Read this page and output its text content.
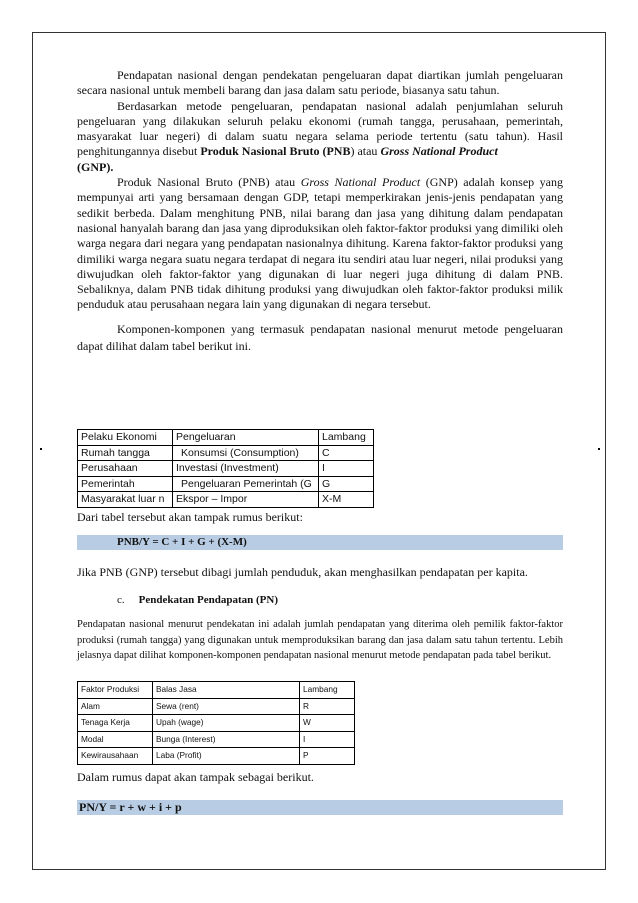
Pendapatan nasional dengan pendekatan pengeluaran dapat diartikan jumlah pengeluaran secara nasional untuk membeli barang dan jasa dalam satu periode, biasanya satu tahun.

Berdasarkan metode pengeluaran, pendapatan nasional adalah penjumlahan seluruh pengeluaran yang dilakukan seluruh pelaku ekonomi (rumah tangga, perusahaan, pemerintah, masyarakat luar negeri) di dalam suatu negara selama periode tertentu (satu tahun). Hasil penghitungannya disebut Produk Nasional Bruto (PNB) atau Gross National Product
(GNP).

Produk Nasional Bruto (PNB) atau Gross National Product (GNP) adalah konsep yang mempunyai arti yang bersamaan dengan GDP, tetapi memperkirakan jenis-jenis pendapatan yang sedikit berbeda. Dalam menghitung PNB, nilai barang dan jasa yang dihitung dalam pendapatan nasional hanyalah barang dan jasa yang diproduksikan oleh faktor-faktor produksi yang dimiliki oleh warga negara dari negara yang pendapatan nasionalnya dihitung. Karena faktor-faktor produksi yang dimiliki warga negara suatu negara terdapat di negara itu sendiri atau luar negeri, nilai produksi yang diwujudkan oleh faktor-faktor yang digunakan di luar negeri juga dihitung di dalam PNB. Sebaliknya, dalam PNB tidak dihitung produksi yang diwujudkan oleh faktor-faktor produksi milik penduduk atau perusahaan negara lain yang digunakan di negara tersebut.

Komponen-komponen yang termasuk pendapatan nasional menurut metode pengeluaran dapat dilihat dalam tabel berikut ini.

Pelaku Ekonomi	Pengeluaran	Lambang
Rumah tangga	Konsumsi (Consumption)	C
Perusahaan	Investasi (Investment)	I
Pemerintah	Pengeluaran Pemerintah (G	G
Masyarakat luar n	Ekspor – Impor	X-M
Dari tabel tersebut akan tampak rumus berikut:
PNB/Y = C + I + G + (X-M)
Jika PNB (GNP) tersebut dibagi jumlah penduduk, akan menghasilkan pendapatan per kapita.
c. Pendekatan Pendapatan (PN)

Pendapatan nasional menurut pendekatan ini adalah jumlah pendapatan yang diterima oleh pemilik faktor-faktor produksi (rumah tangga) yang digunakan untuk memproduksikan barang dan jasa dalam satu tahun tertentu. Lebih jelasnya dapat dilihat komponen-komponen pendapatan nasional menurut metode pendapatan pada tabel berikut.

Faktor Produksi	Balas Jasa	Lambang
Alam	Sewa (rent)	R
Tenaga Kerja	Upah (wage)	W
Modal	Bunga (Interest)	I
Kewirausahaan	Laba (Profit)	P
Dalam rumus dapat akan tampak sebagai berikut.
PN/Y = r + w + i + p
